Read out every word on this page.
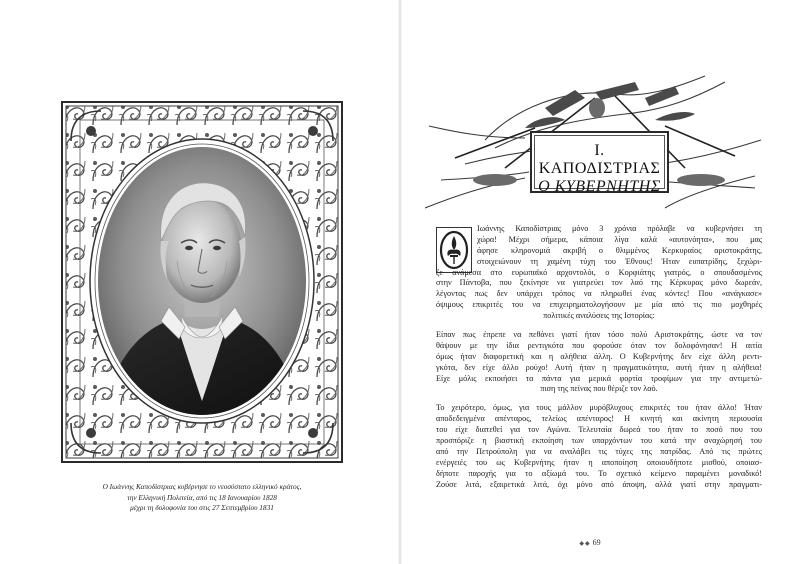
Ο Ιωάννης Καποδίστριας κυβέρνησε το νεοσύστατο ελληνικό κράτος,
την Ελληνική Πολιτεία, από τις 18 Ιανουαρίου 1828
μέχρι τη δολοφονία του στις 27 Σεπτεμβρίου 1831
I. ΚΑΠΟΔΙΣΤΡΙΑΣ
Ο ΚΥΒΕΡΝΗΤΗΣ
Ιωάννης Καποδίστριας μόνο 3 χρόνια πρόλαβε να κυβερνήσει τη
χώρα! Μέχρι σήμερα, κάποια λίγα καλά «αυτονόητα», που μας
άφησε κληρονομιά ακριβή ο θλιμμένος Κερκυραίος αριστοκράτης,
στοιχειώνουν τη χαμένη τύχη του Έθνους! Ήταν ευπατρίδης, ξεχώρι-
ζε ανάμεσα στο ευρωπαϊκό αρχοντολόι, ο Κορφιάτης γιατρός, ο σπουδασμένος
στην Πάντοβα, που ξεκίνησε να γιατρεύει τον λαό της Κέρκυρας μόνο δωρεάν,
λέγοντας πως δεν υπάρχει τρόπος να πληρωθεί ένας κόντες! Που «ανάγκασε»
όψιμους επικριτές του να επιχειρηματολογήσουν με μία από τις πιο μοχθηρές
πολιτικές αναλύσεις της Ιστορίας:
Είπαν πως έπρεπε να πεθάνει γιατί ήταν τόσο πολύ Αριστοκράτης, ώστε να τον
θάψουν με την ίδια ρεντιγκότα που φορούσε όταν τον δολοφόνησαν! Η αιτία
όμως ήταν διαφορετική και η αλήθεια άλλη. Ο Κυβερνήτης δεν είχε άλλη ρεντι-
γκότα, δεν είχε άλλο ρούχο! Αυτή ήταν η πραγματικότητα, αυτή ήταν η αλήθεια!
Είχε μόλις εκποιήσει τα πάντα για μερικά φορτία τροφίμων για την αντιμετώ-
πιση της πείνας που θέριζε τον λαό.
Το χειρότερο, όμως, για τους μάλλον μυρόβλυχους επικριτές του ήταν άλλο! Ήταν
αποδεδειγμένα απένταρος, τελείως απένταρος! Η κινητή και ακίνητη περιουσία
του είχε διατεθεί για τον Αγώνα. Τελευταία δωρεά του ήταν το ποσό που του
προσπόριζε η βιαστική εκποίηση των υπαρχόντων του κατά την αναχώρησή του
από την Πετρούπολη για να αναλάβει τις τύχες της πατρίδας. Από τις πρώτες
ενέργειές του ως Κυβερνήτης ήταν η αποποίηση οποιουδήποτε μισθού, οποιασ-
δήποτε παροχής για το αξίωμά του. Το σχετικό κείμενο παραμένει μοναδικό!
Ζούσε λιτά, εξαιρετικά λιτά, όχι μόνο από άποψη, αλλά γιατί στην πραγματι-
◆◆ 69
